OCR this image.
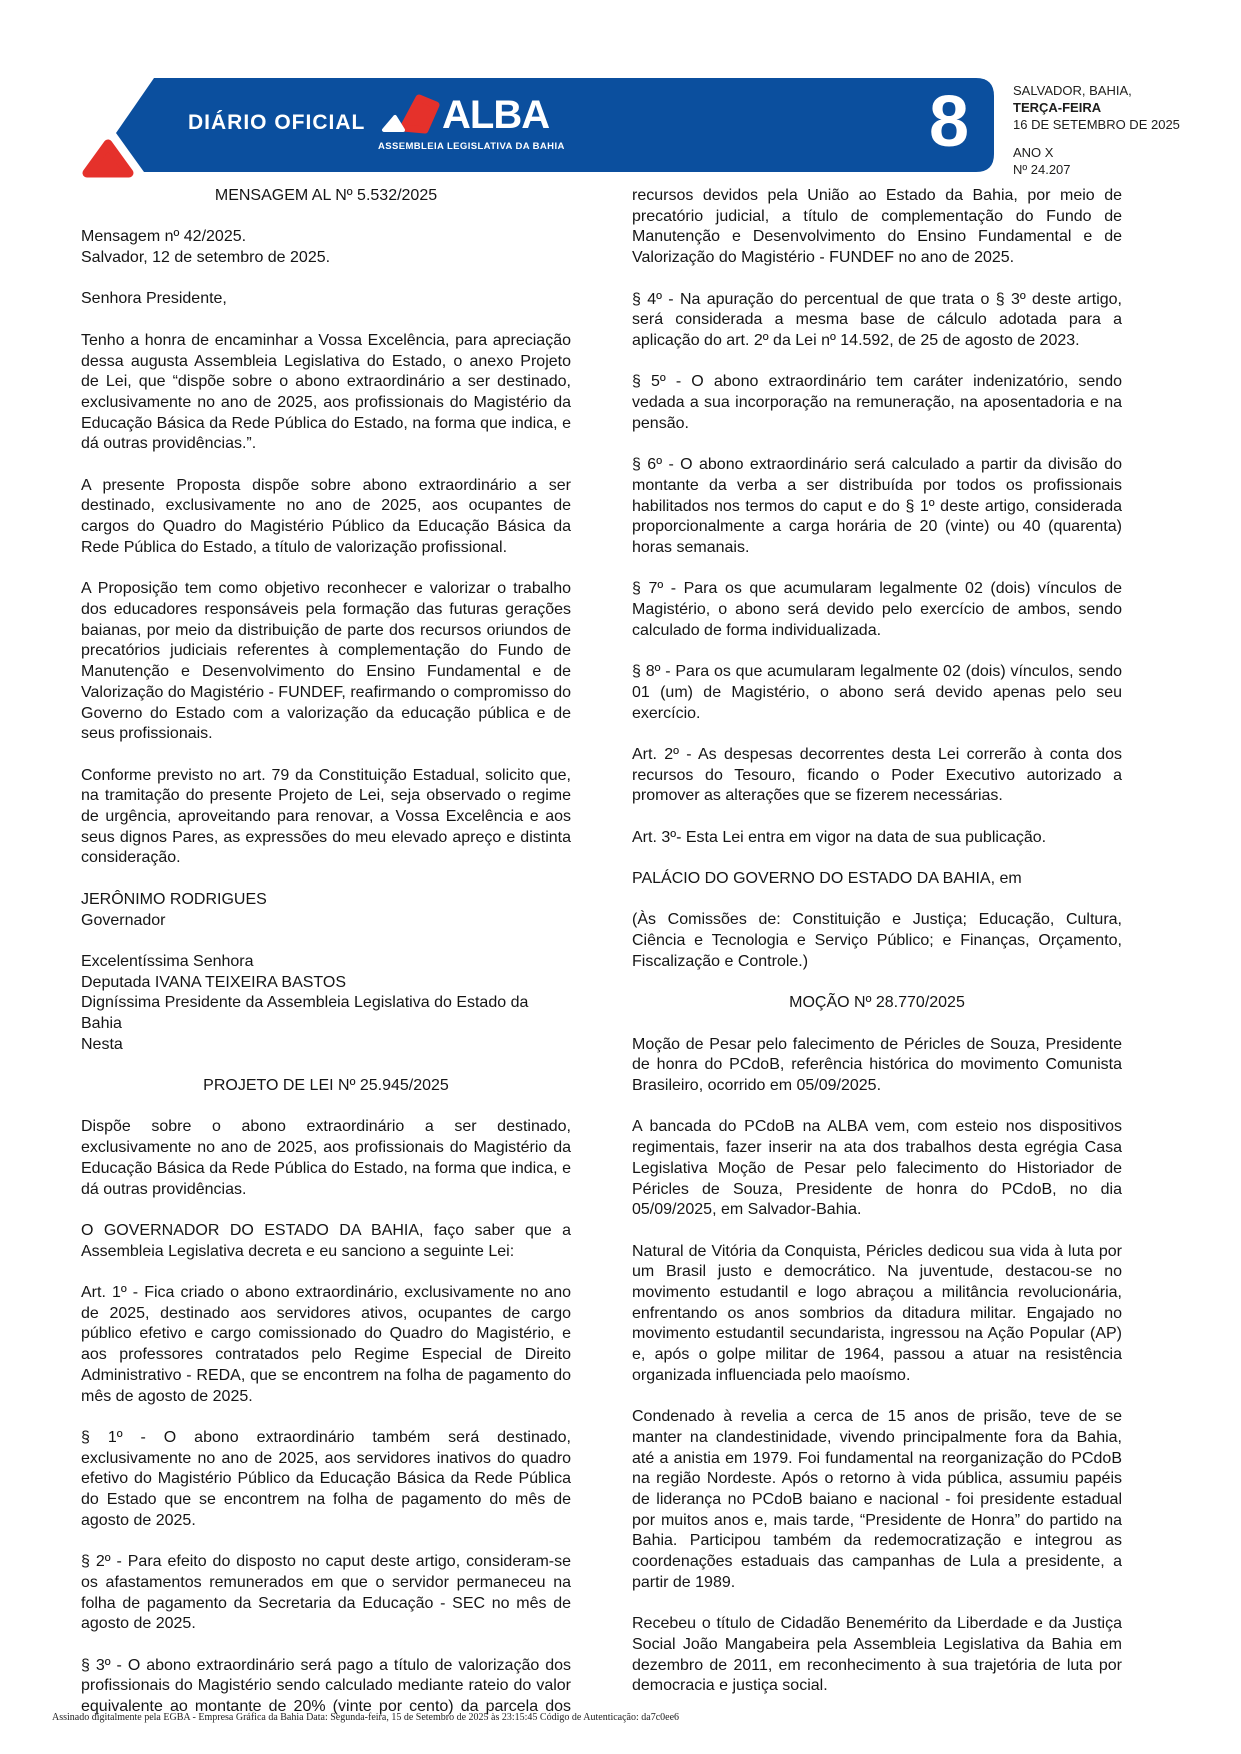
DIÁRIO OFICIAL ALBA
ASSEMBLEIA LEGISLATIVA DA BAHIA	8	SALVADOR, BAHIA,
TERÇA-FEIRA
16 DE SETEMBRO DE 2025
ANO X
Nº 24.207

MENSAGEM AL Nº 5.532/2025

Mensagem nº 42/2025.
Salvador, 12 de setembro de 2025.

Senhora Presidente,

Tenho a honra de encaminhar a Vossa Excelência, para apreciação dessa augusta Assembleia Legislativa do Estado, o anexo Projeto de Lei, que “dispõe sobre o abono extraordinário a ser destinado, exclusivamente no ano de 2025, aos profissionais do Magistério da Educação Básica da Rede Pública do Estado, na forma que indica, e dá outras providências.”.

A presente Proposta dispõe sobre abono extraordinário a ser destinado, exclusivamente no ano de 2025, aos ocupantes de cargos do Quadro do Magistério Público da Educação Básica da Rede Pública do Estado, a título de valorização profissional.

A Proposição tem como objetivo reconhecer e valorizar o trabalho dos educadores responsáveis pela formação das futuras gerações baianas, por meio da distribuição de parte dos recursos oriundos de precatórios judiciais referentes à complementação do Fundo de Manutenção e Desenvolvimento do Ensino Fundamental e de Valorização do Magistério - FUNDEF, reafirmando o compromisso do Governo do Estado com a valorização da educação pública e de seus profissionais.

Conforme previsto no art. 79 da Constituição Estadual, solicito que, na tramitação do presente Projeto de Lei, seja observado o regime de urgência, aproveitando para renovar, a Vossa Excelência e aos seus dignos Pares, as expressões do meu elevado apreço e distinta consideração.

JERÔNIMO RODRIGUES
Governador

Excelentíssima Senhora
Deputada IVANA TEIXEIRA BASTOS
Digníssima Presidente da Assembleia Legislativa do Estado da Bahia
Nesta

PROJETO DE LEI Nº 25.945/2025

Dispõe sobre o abono extraordinário a ser destinado, exclusivamente no ano de 2025, aos profissionais do Magistério da Educação Básica da Rede Pública do Estado, na forma que indica, e dá outras providências.

O GOVERNADOR DO ESTADO DA BAHIA, faço saber que a Assembleia Legislativa decreta e eu sanciono a seguinte Lei:

Art. 1º - Fica criado o abono extraordinário, exclusivamente no ano de 2025, destinado aos servidores ativos, ocupantes de cargo público efetivo e cargo comissionado do Quadro do Magistério, e aos professores contratados pelo Regime Especial de Direito Administrativo - REDA, que se encontrem na folha de pagamento do mês de agosto de 2025.

§ 1º - O abono extraordinário também será destinado, exclusivamente no ano de 2025, aos servidores inativos do quadro efetivo do Magistério Público da Educação Básica da Rede Pública do Estado que se encontrem na folha de pagamento do mês de agosto de 2025.

§ 2º - Para efeito do disposto no caput deste artigo, consideram-se os afastamentos remunerados em que o servidor permaneceu na folha de pagamento da Secretaria da Educação - SEC no mês de agosto de 2025.

§ 3º - O abono extraordinário será pago a título de valorização dos profissionais do Magistério sendo calculado mediante rateio do valor equivalente ao montante de 20% (vinte por cento) da parcela dos

recursos devidos pela União ao Estado da Bahia, por meio de precatório judicial, a título de complementação do Fundo de Manutenção e Desenvolvimento do Ensino Fundamental e de Valorização do Magistério - FUNDEF no ano de 2025.

§ 4º - Na apuração do percentual de que trata o § 3º deste artigo, será considerada a mesma base de cálculo adotada para a aplicação do art. 2º da Lei nº 14.592, de 25 de agosto de 2023.

§ 5º - O abono extraordinário tem caráter indenizatório, sendo vedada a sua incorporação na remuneração, na aposentadoria e na pensão.

§ 6º - O abono extraordinário será calculado a partir da divisão do montante da verba a ser distribuída por todos os profissionais habilitados nos termos do caput e do § 1º deste artigo, considerada proporcionalmente a carga horária de 20 (vinte) ou 40 (quarenta) horas semanais.

§ 7º - Para os que acumularam legalmente 02 (dois) vínculos de Magistério, o abono será devido pelo exercício de ambos, sendo calculado de forma individualizada.

§ 8º - Para os que acumularam legalmente 02 (dois) vínculos, sendo 01 (um) de Magistério, o abono será devido apenas pelo seu exercício.

Art. 2º - As despesas decorrentes desta Lei correrão à conta dos recursos do Tesouro, ficando o Poder Executivo autorizado a promover as alterações que se fizerem necessárias.

Art. 3º- Esta Lei entra em vigor na data de sua publicação.

PALÁCIO DO GOVERNO DO ESTADO DA BAHIA, em

(Às Comissões de: Constituição e Justiça; Educação, Cultura, Ciência e Tecnologia e Serviço Público; e Finanças, Orçamento, Fiscalização e Controle.)

MOÇÃO Nº 28.770/2025

Moção de Pesar pelo falecimento de Péricles de Souza, Presidente de honra do PCdoB, referência histórica do movimento Comunista Brasileiro, ocorrido em 05/09/2025.

A bancada do PCdoB na ALBA vem, com esteio nos dispositivos regimentais, fazer inserir na ata dos trabalhos desta egrégia Casa Legislativa Moção de Pesar pelo falecimento do Historiador de Péricles de Souza, Presidente de honra do PCdoB, no dia 05/09/2025, em Salvador-Bahia.

Natural de Vitória da Conquista, Péricles dedicou sua vida à luta por um Brasil justo e democrático. Na juventude, destacou-se no movimento estudantil e logo abraçou a militância revolucionária, enfrentando os anos sombrios da ditadura militar. Engajado no movimento estudantil secundarista, ingressou na Ação Popular (AP) e, após o golpe militar de 1964, passou a atuar na resistência organizada influenciada pelo maoísmo.

Condenado à revelia a cerca de 15 anos de prisão, teve de se manter na clandestinidade, vivendo principalmente fora da Bahia, até a anistia em 1979. Foi fundamental na reorganização do PCdoB na região Nordeste. Após o retorno à vida pública, assumiu papéis de liderança no PCdoB baiano e nacional - foi presidente estadual por muitos anos e, mais tarde, “Presidente de Honra” do partido na Bahia. Participou também da redemocratização e integrou as coordenações estaduais das campanhas de Lula a presidente, a partir de 1989.

Recebeu o título de Cidadão Benemérito da Liberdade e da Justiça Social João Mangabeira pela Assembleia Legislativa da Bahia em dezembro de 2011, em reconhecimento à sua trajetória de luta por democracia e justiça social.

Assinado digitalmente pela EGBA - Empresa Gráfica da Bahia Data: Segunda-feira, 15 de Setembro de 2025 às 23:15:45 Código de Autenticação: da7c0ee6
